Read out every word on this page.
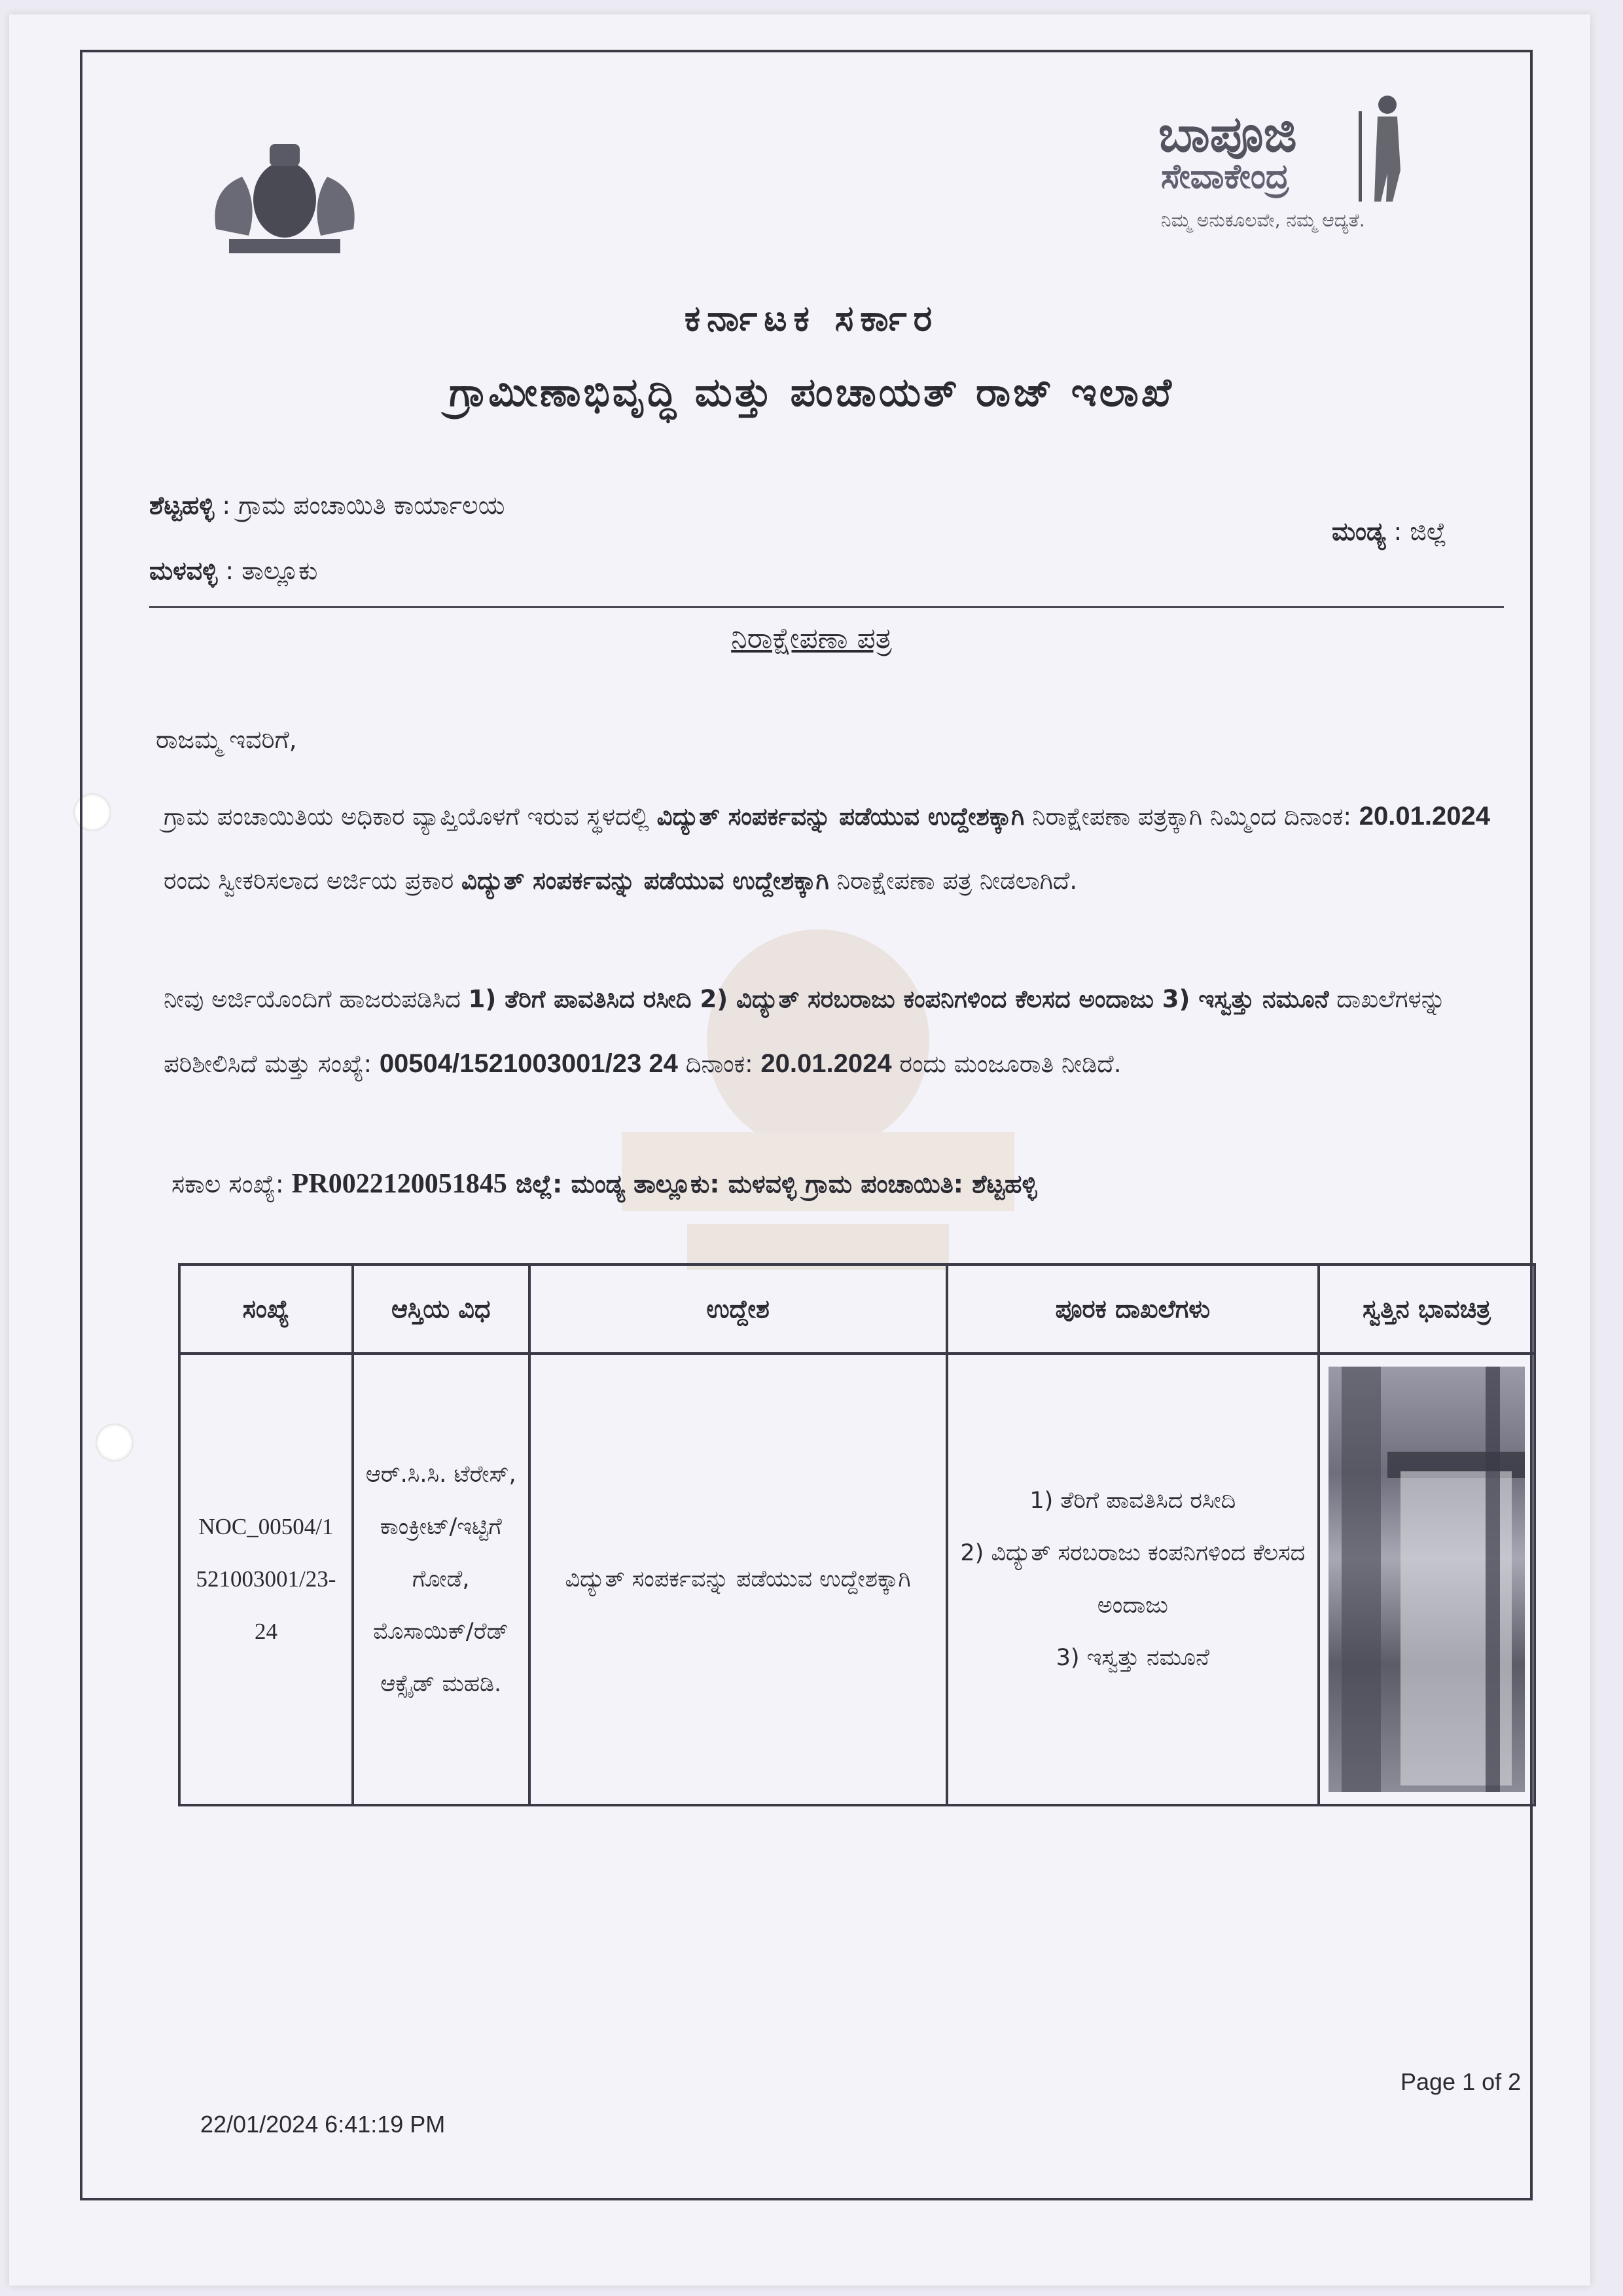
ಬಾಪೂಜಿ
ಸೇವಾಕೇಂದ್ರ
ನಿಮ್ಮ ಅನುಕೂಲವೇ, ನಮ್ಮ ಆದ್ಯತೆ.
ಕರ್ನಾಟಕ ಸರ್ಕಾರ
ಗ್ರಾಮೀಣಾಭಿವೃದ್ಧಿ ಮತ್ತು ಪಂಚಾಯತ್ ರಾಜ್ ಇಲಾಖೆ
ಶೆಟ್ಟಹಳ್ಳಿ : ಗ್ರಾಮ ಪಂಚಾಯಿತಿ ಕಾರ್ಯಾಲಯ
ಮಂಡ್ಯ : ಜಿಲ್ಲೆ
ಮಳವಳ್ಳಿ : ತಾಲ್ಲೂಕು
ನಿರಾಕ್ಷೇಪಣಾ ಪತ್ರ
ರಾಜಮ್ಮ ಇವರಿಗೆ,
ಗ್ರಾಮ ಪಂಚಾಯಿತಿಯ ಅಧಿಕಾರ ವ್ಯಾಪ್ತಿಯೊಳಗೆ ಇರುವ ಸ್ಥಳದಲ್ಲಿ ವಿದ್ಯುತ್ ಸಂಪರ್ಕವನ್ನು ಪಡೆಯುವ ಉದ್ದೇಶಕ್ಕಾಗಿ ನಿರಾಕ್ಷೇಪಣಾ ಪತ್ರಕ್ಕಾಗಿ ನಿಮ್ಮಿಂದ ದಿನಾಂಕ: 20.01.2024 ರಂದು ಸ್ವೀಕರಿಸಲಾದ ಅರ್ಜಿಯ ಪ್ರಕಾರ ವಿದ್ಯುತ್ ಸಂಪರ್ಕವನ್ನು ಪಡೆಯುವ ಉದ್ದೇಶಕ್ಕಾಗಿ ನಿರಾಕ್ಷೇಪಣಾ ಪತ್ರ ನೀಡಲಾಗಿದೆ.
ನೀವು ಅರ್ಜಿಯೊಂದಿಗೆ ಹಾಜರುಪಡಿಸಿದ 1) ತೆರಿಗೆ ಪಾವತಿಸಿದ ರಸೀದಿ 2) ವಿದ್ಯುತ್ ಸರಬರಾಜು ಕಂಪನಿಗಳಿಂದ ಕೆಲಸದ ಅಂದಾಜು 3) ಇಸ್ವತ್ತು ನಮೂನೆ ದಾಖಲೆಗಳನ್ನು ಪರಿಶೀಲಿಸಿದೆ ಮತ್ತು ಸಂಖ್ಯೆ: 00504/1521003001/23 24 ದಿನಾಂಕ: 20.01.2024 ರಂದು ಮಂಜೂರಾತಿ ನೀಡಿದೆ.
ಸಕಾಲ ಸಂಖ್ಯೆ: PR0022120051845 ಜಿಲ್ಲೆ: ಮಂಡ್ಯ ತಾಲ್ಲೂಕು: ಮಳವಳ್ಳಿ ಗ್ರಾಮ ಪಂಚಾಯಿತಿ: ಶೆಟ್ಟಹಳ್ಳಿ
ಸಂಖ್ಯೆ	ಆಸ್ತಿಯ ವಿಧ	ಉದ್ದೇಶ	ಪೂರಕ ದಾಖಲೆಗಳು	ಸ್ವತ್ತಿನ ಭಾವಚಿತ್ರ
NOC_00504/1 521003001/23- 24	ಆರ್.ಸಿ.ಸಿ. ಟೆರೇಸ್, ಕಾಂಕ್ರೀಟ್/ಇಟ್ಟಿಗೆ ಗೋಡೆ, ಮೊಸಾಯಿಕ್/ರೆಡ್ ಆಕ್ಸೈಡ್ ಮಹಡಿ.	ವಿದ್ಯುತ್ ಸಂಪರ್ಕವನ್ನು ಪಡೆಯುವ ಉದ್ದೇಶಕ್ಕಾಗಿ	1) ತೆರಿಗೆ ಪಾವತಿಸಿದ ರಸೀದಿ
2) ವಿದ್ಯುತ್ ಸರಬರಾಜು ಕಂಪನಿಗಳಿಂದ ಕೆಲಸದ ಅಂದಾಜು
3) ಇಸ್ವತ್ತು ನಮೂನೆ	

Page 1 of 2
22/01/2024 6:41:19 PM
